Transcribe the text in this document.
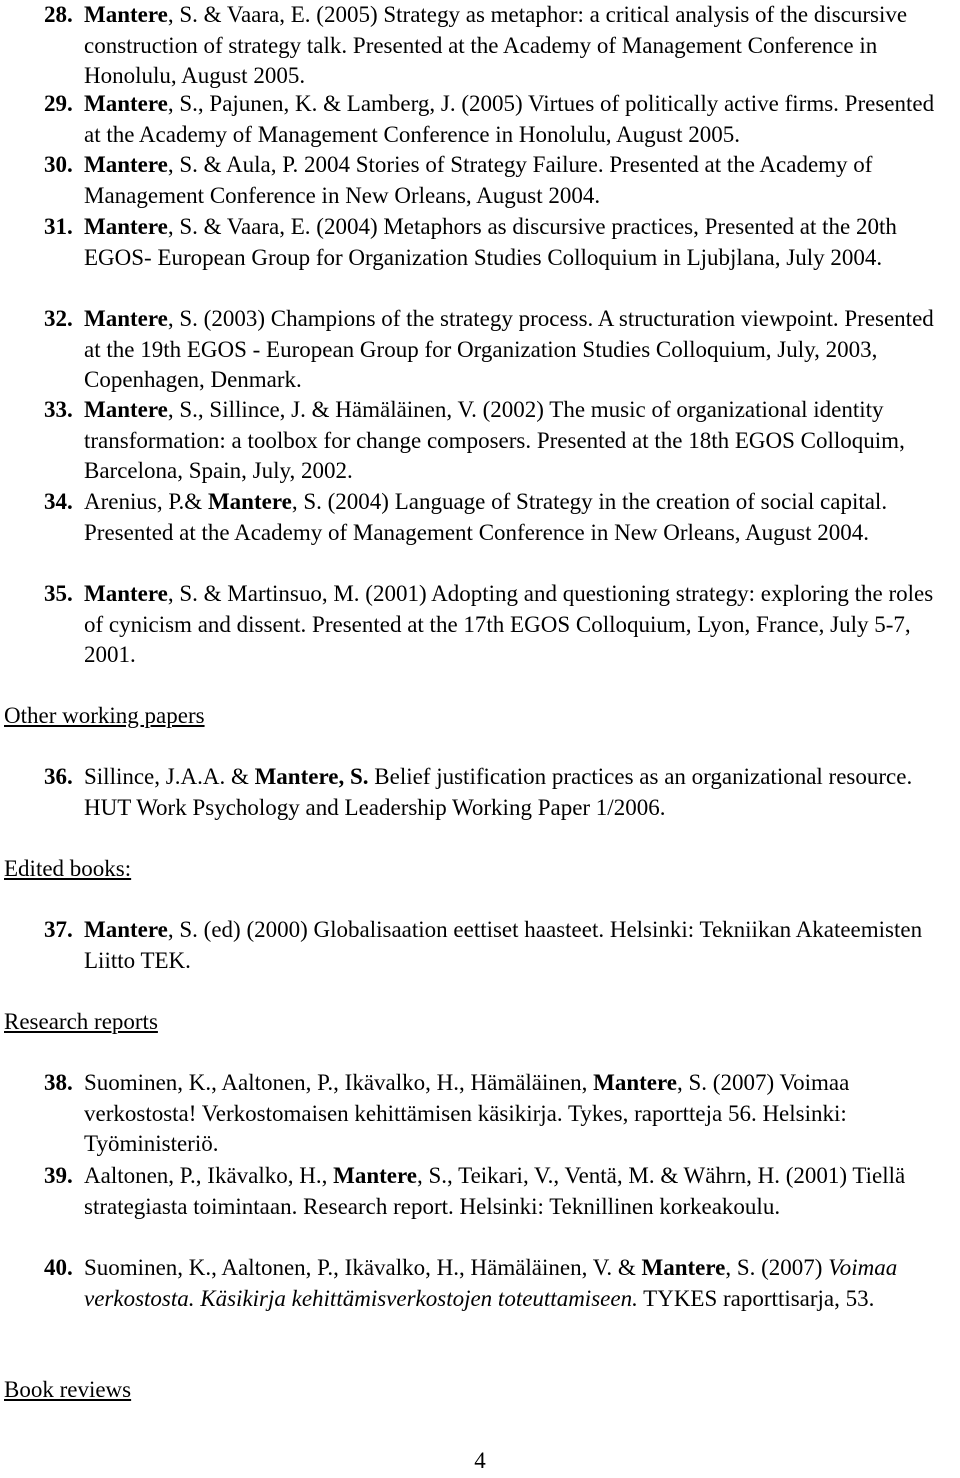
28. Mantere, S. & Vaara, E. (2005) Strategy as metaphor: a critical analysis of the discursive construction of strategy talk. Presented at the Academy of Management Conference in Honolulu, August 2005.
29. Mantere, S., Pajunen, K. & Lamberg, J. (2005) Virtues of politically active firms. Presented at the Academy of Management Conference in Honolulu, August 2005.
30. Mantere, S. & Aula, P. 2004 Stories of Strategy Failure. Presented at the Academy of Management Conference in New Orleans, August 2004.
31. Mantere, S. & Vaara, E. (2004) Metaphors as discursive practices, Presented at the 20th EGOS- European Group for Organization Studies Colloquium in Ljubjlana, July 2004.
32. Mantere, S. (2003) Champions of the strategy process. A structuration viewpoint. Presented at the 19th EGOS - European Group for Organization Studies Colloquium, July, 2003, Copenhagen, Denmark.
33. Mantere, S., Sillince, J. & Hämäläinen, V. (2002) The music of organizational identity transformation: a toolbox for change composers. Presented at the 18th EGOS Colloquim, Barcelona, Spain, July, 2002.
34. Arenius, P.& Mantere, S. (2004) Language of Strategy in the creation of social capital. Presented at the Academy of Management Conference in New Orleans, August 2004.
35. Mantere, S. & Martinsuo, M. (2001) Adopting and questioning strategy: exploring the roles of cynicism and dissent. Presented at the 17th EGOS Colloquium, Lyon, France, July 5-7, 2001.
Other working papers
36. Sillince, J.A.A. & Mantere, S. Belief justification practices as an organizational resource. HUT Work Psychology and Leadership Working Paper 1/2006.
Edited books:
37. Mantere, S. (ed) (2000) Globalisaation eettiset haasteet. Helsinki: Tekniikan Akateemisten Liitto TEK.
Research reports
38. Suominen, K., Aaltonen, P., Ikävalko, H., Hämäläinen, Mantere, S. (2007) Voimaa verkostosta! Verkostomaisen kehittämisen käsikirja. Tykes, raportteja 56. Helsinki: Työministeriö.
39. Aaltonen, P., Ikävalko, H., Mantere, S., Teikari, V., Ventä, M. & Währn, H. (2001) Tiellä strategiasta toimintaan. Research report. Helsinki: Teknillinen korkeakoulu.
40. Suominen, K., Aaltonen, P., Ikävalko, H., Hämäläinen, V. & Mantere, S. (2007) Voimaa verkostosta. Käsikirja kehittämisverkostojen toteuttamiseen. TYKES raporttisarja, 53.
Book reviews
4
